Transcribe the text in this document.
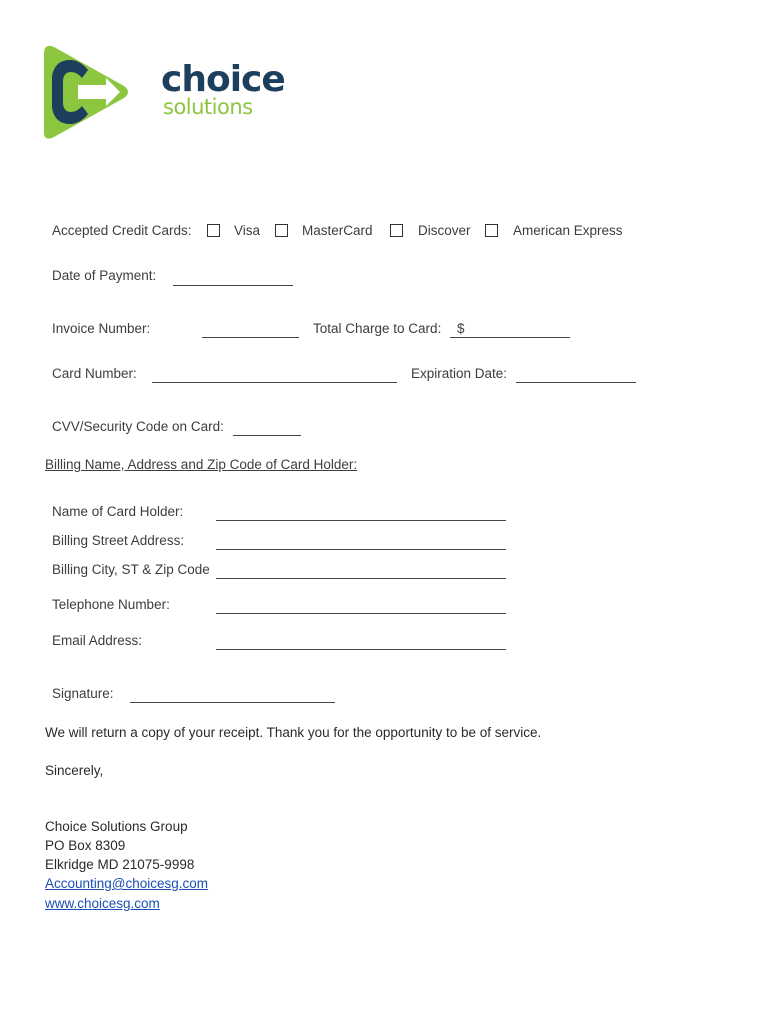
choice
solutions
Accepted Credit Cards:	Visa	MasterCard	Discover	American Express
Date of Payment:
Invoice Number:	Total Charge to Card: $
Card Number:	Expiration Date:
CVV/Security Code on Card:
Billing Name, Address and Zip Code of Card Holder:
Name of Card Holder:
Billing Street Address:
Billing City, ST & Zip Code
Telephone Number:
Email Address:
Signature:
We will return a copy of your receipt. Thank you for the opportunity to be of service.
Sincerely,
Choice Solutions Group
PO Box 8309
Elkridge MD 21075-9998
Accounting@choicesg.com
www.choicesg.com
